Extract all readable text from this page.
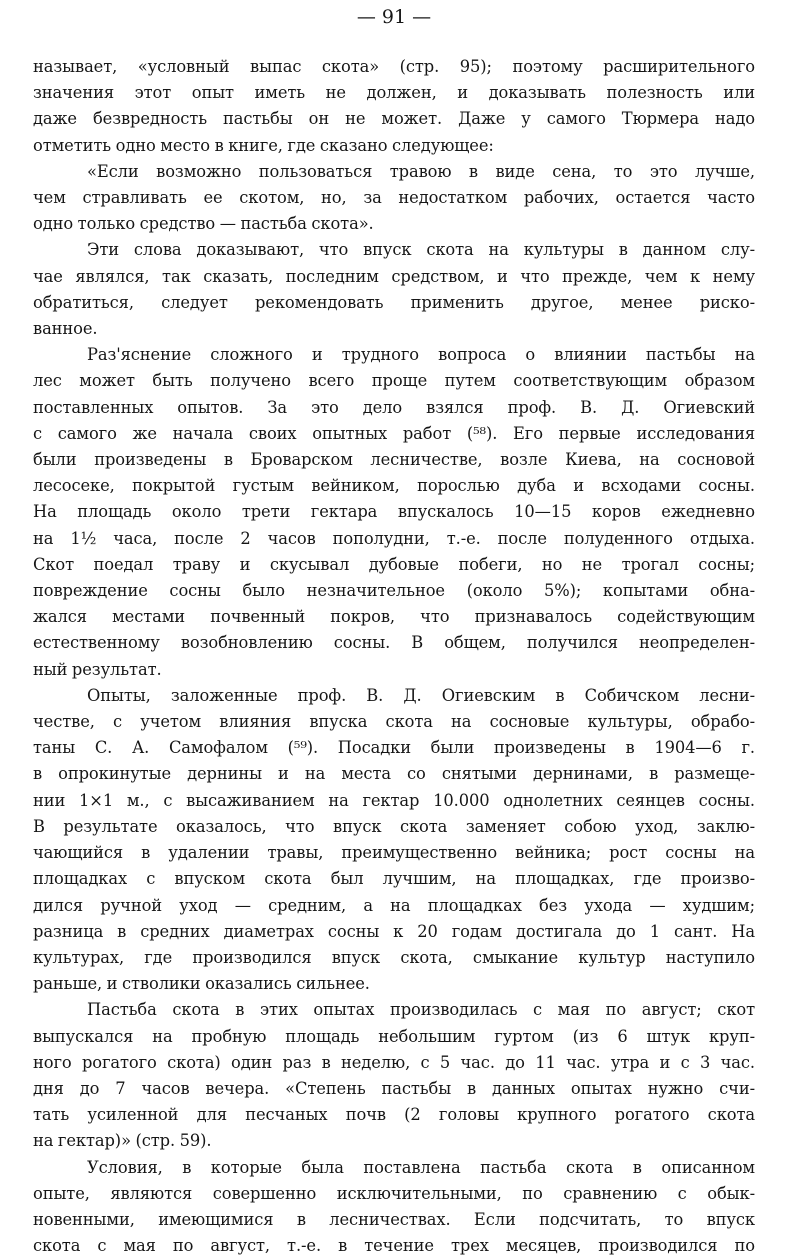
— 91 —
называет, «условный выпас скота» (стр. 95); поэтому расширительного
значения этот опыт иметь не должен, и доказывать полезность или
даже безвредность пастьбы он не может. Даже у самого Тюрмера надо
отметить одно место в книге, где сказано следующее:
«Если возможно пользоваться травою в виде сена, то это лучше,
чем стравливать ее скотом, но, за недостатком рабочих, остается часто
одно только средство — пастьба скота».
Эти слова доказывают, что впуск скота на культуры в данном слу-
чае являлся, так сказать, последним средством, и что прежде, чем к нему
обратиться, следует рекомендовать применить другое, менее риско-
ванное.
Раз'яснение сложного и трудного вопроса о влиянии пастьбы на
лес может быть получено всего проще путем соответствующим образом
поставленных опытов. За это дело взялся проф. В. Д. Огиевский
с самого же начала своих опытных работ (⁵⁸). Его первые исследования
были произведены в Броварском лесничестве, возле Киева, на сосновой
лесосеке, покрытой густым вейником, порослью дуба и всходами сосны.
На площадь около трети гектара впускалось 10—15 коров ежедневно
на 1½ часа, после 2 часов пополудни, т.-е. после полуденного отдыха.
Скот поедал траву и скусывал дубовые побеги, но не трогал сосны;
повреждение сосны было незначительное (около 5%); копытами обна-
жался местами почвенный покров, что признавалось содействующим
естественному возобновлению сосны. В общем, получился неопределен-
ный результат.
Опыты, заложенные проф. В. Д. Огиевским в Собичском лесни-
честве, с учетом влияния впуска скота на сосновые культуры, обрабо-
таны С. А. Самофалом (⁵⁹). Посадки были произведены в 1904—6 г.
в опрокинутые дернины и на места со снятыми дернинами, в размеще-
нии 1×1 м., с высаживанием на гектар 10.000 однолетних сеянцев сосны.
В результате оказалось, что впуск скота заменяет собою уход, заклю-
чающийся в удалении травы, преимущественно вейника; рост сосны на
площадках с впуском скота был лучшим, на площадках, где произво-
дился ручной уход — средним, а на площадках без ухода — худшим;
разница в средних диаметрах сосны к 20 годам достигала до 1 сант. На
культурах, где производился впуск скота, смыкание культур наступило
раньше, и стволики оказались сильнее.
Пастьба скота в этих опытах производилась с мая по август; скот
выпускался на пробную площадь небольшим гуртом (из 6 штук круп-
ного рогатого скота) один раз в неделю, с 5 час. до 11 час. утра и с 3 час.
дня до 7 часов вечера. «Степень пастьбы в данных опытах нужно счи-
тать усиленной для песчаных почв (2 головы крупного рогатого скота
на гектар)» (стр. 59).
Условия, в которые была поставлена пастьба скота в описанном
опыте, являются совершенно исключительными, по сравнению с обык-
новенными, имеющимися в лесничествах. Если подсчитать, то впуск
скота с мая по август, т.-е. в течение трех месяцев, производился по
